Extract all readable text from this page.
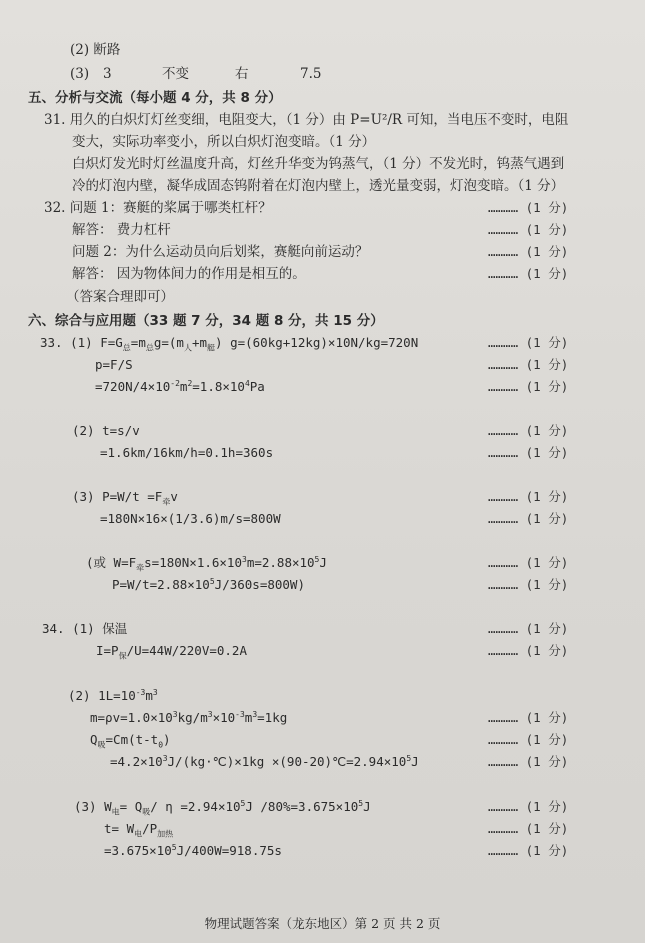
(2) 断路
(3) 3	不变	右	7.5
五、分析与交流（每小题 4 分，共 8 分）
31. 用久的白炽灯灯丝变细，电阻变大，（1 分）由 P=U²/R 可知，当电压不变时，电阻
变大，实际功率变小，所以白炽灯泡变暗。（1 分）
白炽灯发光时灯丝温度升高，灯丝升华变为钨蒸气，（1 分）不发光时，钨蒸气遇到
冷的灯泡内壁，凝华成固态钨附着在灯泡内壁上，透光量变弱，灯泡变暗。（1 分）
32. 问题 1：赛艇的桨属于哪类杠杆？	………… (1 分)
解答： 费力杠杆	………… (1 分)
问题 2：为什么运动员向后划桨，赛艇向前运动？	………… (1 分)
解答： 因为物体间力的作用是相互的。	………… (1 分)
（答案合理即可）
六、综合与应用题（33 题 7 分，34 题 8 分，共 15 分）
33. (1) $F=G_总=m_总g=(m_人+m_艇)$ g=(60kg+12kg)×10N/kg=720N	………… (1 分)
p=F/S	………… (1 分)
$=720N/4\times 10^{-2}m^2=1.8\times 10^4Pa$	………… (1 分)
(2) t=s/v	………… (1 分)
=1.6km/16km/h=0.1h=360s	………… (1 分)
(3) $P=W/t =F_牵v$	………… (1 分)
=180N×16×(1/3.6)m/s=800W	………… (1 分)
(或 $W=F_牵s=180N\times 1.6\times 10^3m=2.88\times 10^5J$	………… (1 分)
$P=W/t=2.88\times 10^5J/360s=800W$)	………… (1 分)
34. (1) 保温	………… (1 分)
$I=P_保/U=44W/220V=0.2A$	………… (1 分)
(2) $1L=10^{-3}m^3$
$m=\rho v=1.0\times 10^3kg/m^3\times 10^{-3}m^3=1kg$	………… (1 分)
$Q_吸=Cm(t-t_0)$	………… (1 分)
$=4.2\times 10^3J/(kg\cdot℃)\times 1kg$ $\times(90-20)℃=2.94\times 10^5J$	………… (1 分)
(3) $W_电= Q_吸/$ $\eta =2.94\times 10^5J$ $/80\%=3.675\times 10^5J$	………… (1 分)
$t= W_电/P_{加热}$	………… (1 分)
$=3.675\times 10^5J/400W=918.75s$	………… (1 分)
物理试题答案（龙东地区）第 2 页 共 2 页
